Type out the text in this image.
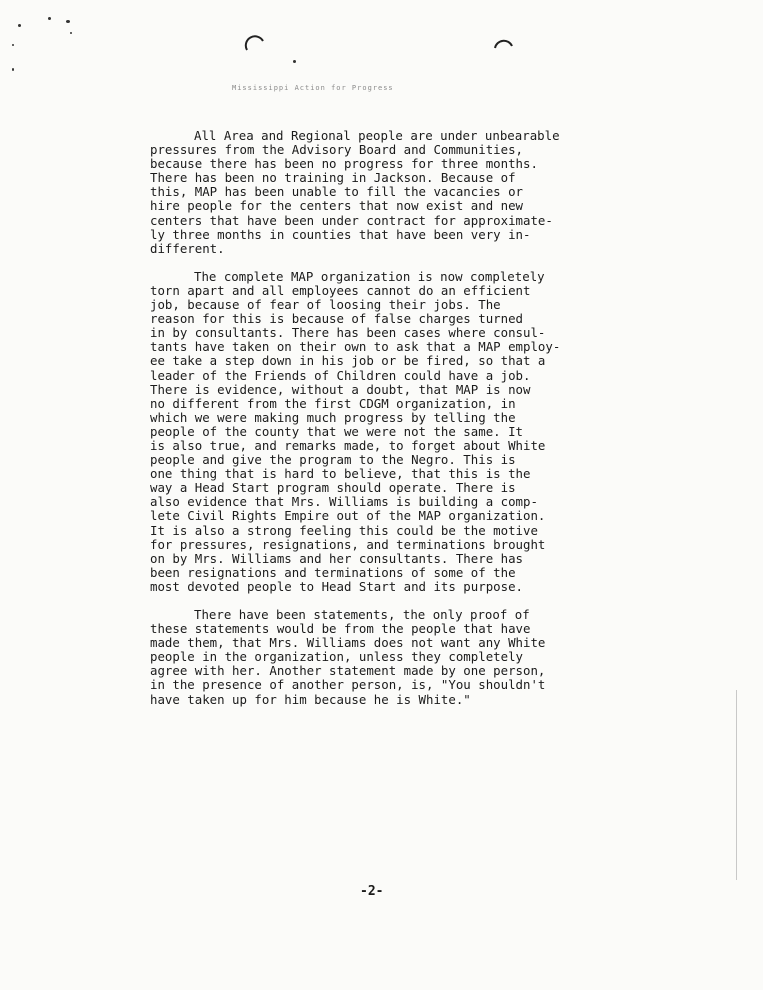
Mississippi Action for Progress

All Area and Regional people are under unbearable
pressures from the Advisory Board and Communities,
because there has been no progress for three months.
There has been no training in Jackson. Because of
this, MAP has been unable to fill the vacancies or
hire people for the centers that now exist and new
centers that have been under contract for approximate-
ly three months in counties that have been very in-
different.

The complete MAP organization is now completely
torn apart and all employees cannot do an efficient
job, because of fear of loosing their jobs. The
reason for this is because of false charges turned
in by consultants. There has been cases where consul-
tants have taken on their own to ask that a MAP employ-
ee take a step down in his job or be fired, so that a
leader of the Friends of Children could have a job.
There is evidence, without a doubt, that MAP is now
no different from the first CDGM organization, in
which we were making much progress by telling the
people of the county that we were not the same. It
is also true, and remarks made, to forget about White
people and give the program to the Negro. This is
one thing that is hard to believe, that this is the
way a Head Start program should operate. There is
also evidence that Mrs. Williams is building a comp-
lete Civil Rights Empire out of the MAP organization.
It is also a strong feeling this could be the motive
for pressures, resignations, and terminations brought
on by Mrs. Williams and her consultants. There has
been resignations and terminations of some of the
most devoted people to Head Start and its purpose.

There have been statements, the only proof of
these statements would be from the people that have
made them, that Mrs. Williams does not want any White
people in the organization, unless they completely
agree with her. Another statement made by one person,
in the presence of another person, is, "You shouldn't
have taken up for him because he is White."

-2-
